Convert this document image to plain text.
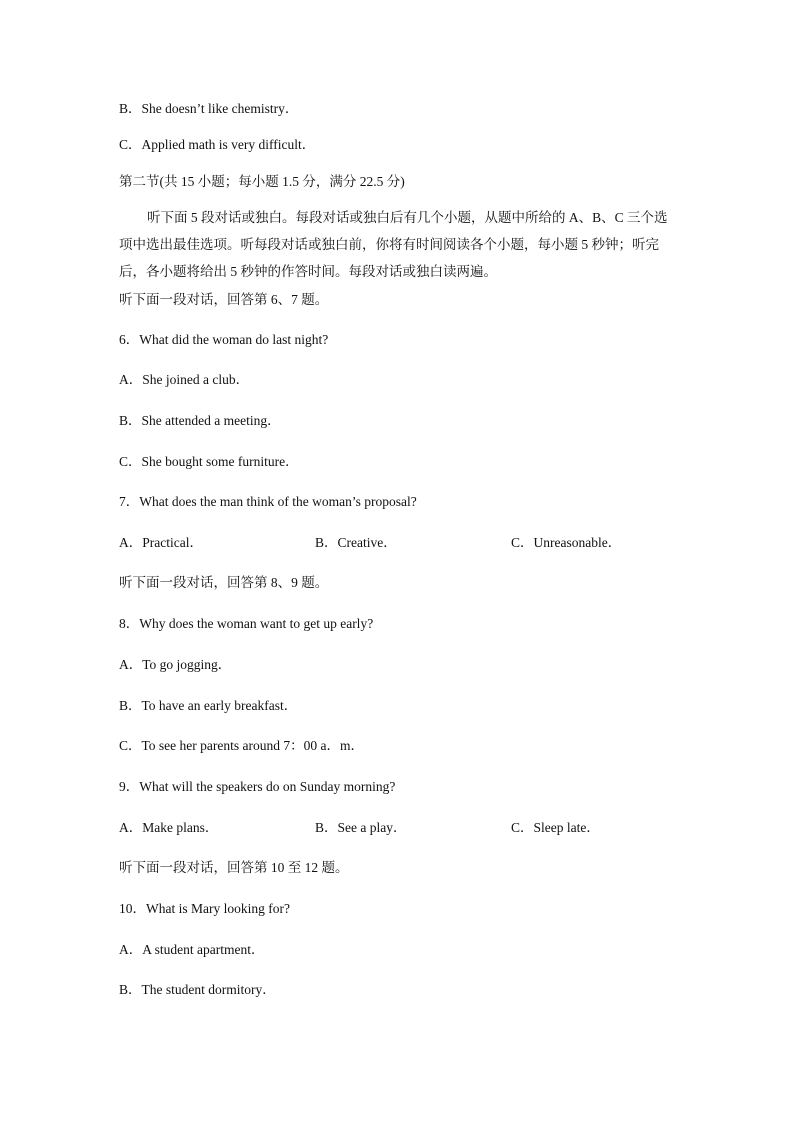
B．She doesn’t like chemistry．
C．Applied math is very difficult．
第二节(共 15 小题；每小题 1.5 分，满分 22.5 分)
听下面 5 段对话或独白。每段对话或独白后有几个小题，从题中所给的 A、B、C 三个选项中选出最佳选项。听每段对话或独白前，你将有时间阅读各个小题，每小题 5 秒钟；听完后，各小题将给出 5 秒钟的作答时间。每段对话或独白读两遍。
听下面一段对话，回答第 6、7 题。
6．What did the woman do last night?
A．She joined a club．
B．She attended a meeting．
C．She bought some furniture．
7．What does the man think of the woman’s proposal?
A．Practical．	B．Creative．	C．Unreasonable．
听下面一段对话，回答第 8、9 题。
8．Why does the woman want to get up early?
A．To go jogging．
B．To have an early breakfast．
C．To see her parents around 7：00 a．m．
9．What will the speakers do on Sunday morning?
A．Make plans．	B．See a play．	C．Sleep late．
听下面一段对话，回答第 10 至 12 题。
10．What is Mary looking for?
A．A student apartment．
B．The student dormitory．
